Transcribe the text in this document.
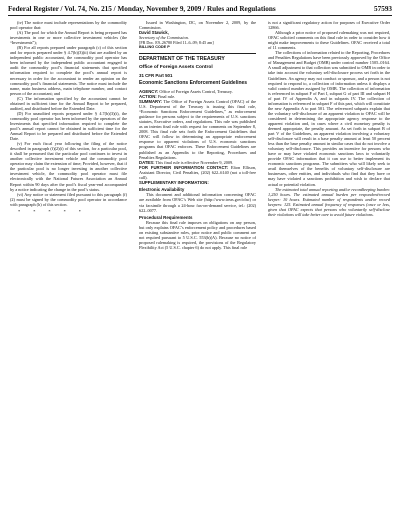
Federal Register / Vol. 74, No. 215 / Monday, November 9, 2009 / Rules and Regulations	57593

(iv) The notice must include representations by the commodity pool operator that:

(A) The pool for which the Annual Report is being prepared has investments in one or more collective investment vehicles (the “Investments”);

(B) For all reports prepared under paragraph (c) of this section and for reports prepared under § 4.7(b)(3)(ii) that are audited by an independent public accountant, the commodity pool operator has been informed by the independent public accountant engaged to audit the commodity pool’s financial statements that specified information required to complete the pool’s annual report is necessary in order for the accountant to render an opinion on the commodity pool’s financial statements. The notice must include the name, main business address, main telephone number, and contact person of the accountant; and

(C) The information specified by the accountant cannot be obtained in sufficient time for the Annual Report to be prepared, audited, and distributed before the Extended Date.

(D) For unaudited reports prepared under § 4.7(b)(3)(i), the commodity pool operator has been informed by the operators of the Investments that specified information required to complete the pool’s annual report cannot be obtained in sufficient time for the Annual Report to be prepared and distributed before the Extended Date.

(v) For each fiscal year following the filing of the notice described in paragraph (f)(2)(i) of this section, for a particular pool, it shall be presumed that the particular pool continues to invest in another collective investment vehicle and the commodity pool operator may claim the extension of time; Provided, however, that if the particular pool is no longer investing in another collective investment vehicle, the commodity pool operator must file electronically with the National Futures Association an Annual Report within 90 days after the pool’s fiscal year-end accompanied by a notice indicating the change in the pool’s status.

(vi) Any notice or statement filed pursuant to this paragraph (f)(2) must be signed by the commodity pool operator in accordance with paragraph (h) of this section.

* * * * *

Issued in Washington, DC, on November 2, 2009, by the Commission.

David Stawick,

Secretary of the Commission.

[FR Doc. E9–26780 Filed 11–6–09; 8:45 am]

BILLING CODE P

DEPARTMENT OF THE TREASURY

Office of Foreign Assets Control

31 CFR Part 501

Economic Sanctions Enforcement Guidelines

AGENCY: Office of Foreign Assets Control, Treasury.

ACTION: Final rule.

SUMMARY: The Office of Foreign Assets Control (OFAC) of the U.S. Department of the Treasury is issuing this final rule, “Economic Sanctions Enforcement Guidelines,” as enforcement guidance for persons subject to the requirements of U.S. sanctions statutes, Executive orders, and regulations. This rule was published as an interim final rule with request for comments on September 8, 2008. This final rule sets forth the Enforcement Guidelines that OFAC will follow in determining an appropriate enforcement response to apparent violations of U.S. economic sanctions programs that OFAC enforces. These Enforcement Guidelines are published as an Appendix to the Reporting, Procedures and Penalties Regulations.

DATES: This final rule is effective November 9, 2009.

FOR FURTHER INFORMATION CONTACT: Elton Ellison, Assistant Director, Civil Penalties, (202) 622–6140 (not a toll-free call).

SUPPLEMENTARY INFORMATION:

Electronic Availability

This document and additional information concerning OFAC are available from OFAC’s Web site (http://www.treas.gov/ofac) or via facsimile through a 24-hour fax-on-demand service, tel.: (202) 622–0077.

Procedural Requirements

Because this final rule imposes on obligations on any person, but only explains OFAC’s enforcement policy and procedures based on existing substantive rules, prior notice and public comment are not required pursuant to 5 U.S.C. 553(b)(A). Because no notice of proposed rulemaking is required, the provisions of the Regulatory Flexibility Act (5 U.S.C. chapter 6) do not apply. This final rule

is not a significant regulatory action for purposes of Executive Order 12866.

Although a prior notice of proposed rulemaking was not required, OFAC solicited comments on this final rule in order to consider how it might make improvements to these Guidelines. OFAC received a total of 11 comments.

The collections of information related to the Reporting, Procedures and Penalties Regulations have been previously approved by the Office of Management and Budget (OMB) under control number 1505–0164. A small adjustment to that collection was submitted to OMB in order to take into account the voluntary self-disclosure process set forth in the Guidelines. An agency may not conduct or sponsor, and a person is not required to respond to, a collection of information unless it displays a valid control number assigned by OMB. The collection of information is referenced in subpart F of Part I, subpart G of part III and subpart H of part IV of Appendix A, and in subparts IV. The collection of information is referenced in subpart F of this part, which will constitute the new Appendix A to part 501. The referenced subparts explain that the voluntary self-disclosure of an apparent violation to OFAC will be considered in determining the appropriate agency response to the apparent violation and, in cases where a civil monetary penalty is deemed appropriate, the penalty amount. As set forth in subpart B of part V of the Guidelines, an apparent violation involving a voluntary self-disclosure will result in a base penalty amount at least 50 percent less than the base penalty amount in similar cases that do not involve a voluntary self-disclosure. This provides an incentive for persons who have or may have violated economic sanctions laws to voluntarily provide OFAC information that it can use to better implement its economic sanctions programs. The submitters who will likely seek to avail themselves of the benefits of voluntary self-disclosure are businesses, other entities, and individuals who find that they have or may have violated a sanctions prohibition and wish to declare that actual or potential violation.

The estimated total annual reporting and/or recordkeeping burden: 1,250 hours. The estimated annual burden per respondent/record keeper: 10 hours. Estimated number of respondents and/or record keepers: 125. Estimated annual frequency of responses (once or less, given that OFAC expects that persons who voluntarily self-disclose their violations will take better care to avoid future violations.
